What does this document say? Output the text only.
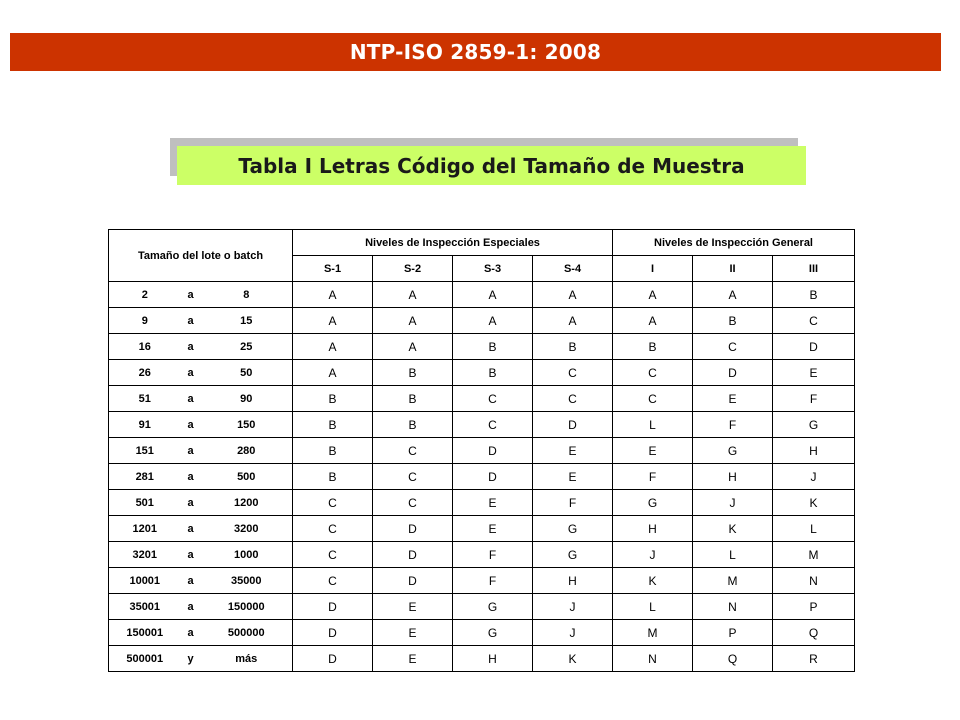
NTP-ISO 2859-1: 2008
Tabla I Letras Código del Tamaño de Muestra
Tamaño del lote o batch			Niveles de Inspección Especiales				Niveles de Inspección General		
			S-1	S-2	S-3	S-4	I	II	III
2	a	8	A	A	A	A	A	A	B
9	a	15	A	A	A	A	A	B	C
16	a	25	A	A	B	B	B	C	D
26	a	50	A	B	B	C	C	D	E
51	a	90	B	B	C	C	C	E	F
91	a	150	B	B	C	D	L	F	G
151	a	280	B	C	D	E	E	G	H
281	a	500	B	C	D	E	F	H	J
501	a	1200	C	C	E	F	G	J	K
1201	a	3200	C	D	E	G	H	K	L
3201	a	1000	C	D	F	G	J	L	M
10001	a	35000	C	D	F	H	K	M	N
35001	a	150000	D	E	G	J	L	N	P
150001	a	500000	D	E	G	J	M	P	Q
500001	y	más	D	E	H	K	N	Q	R
